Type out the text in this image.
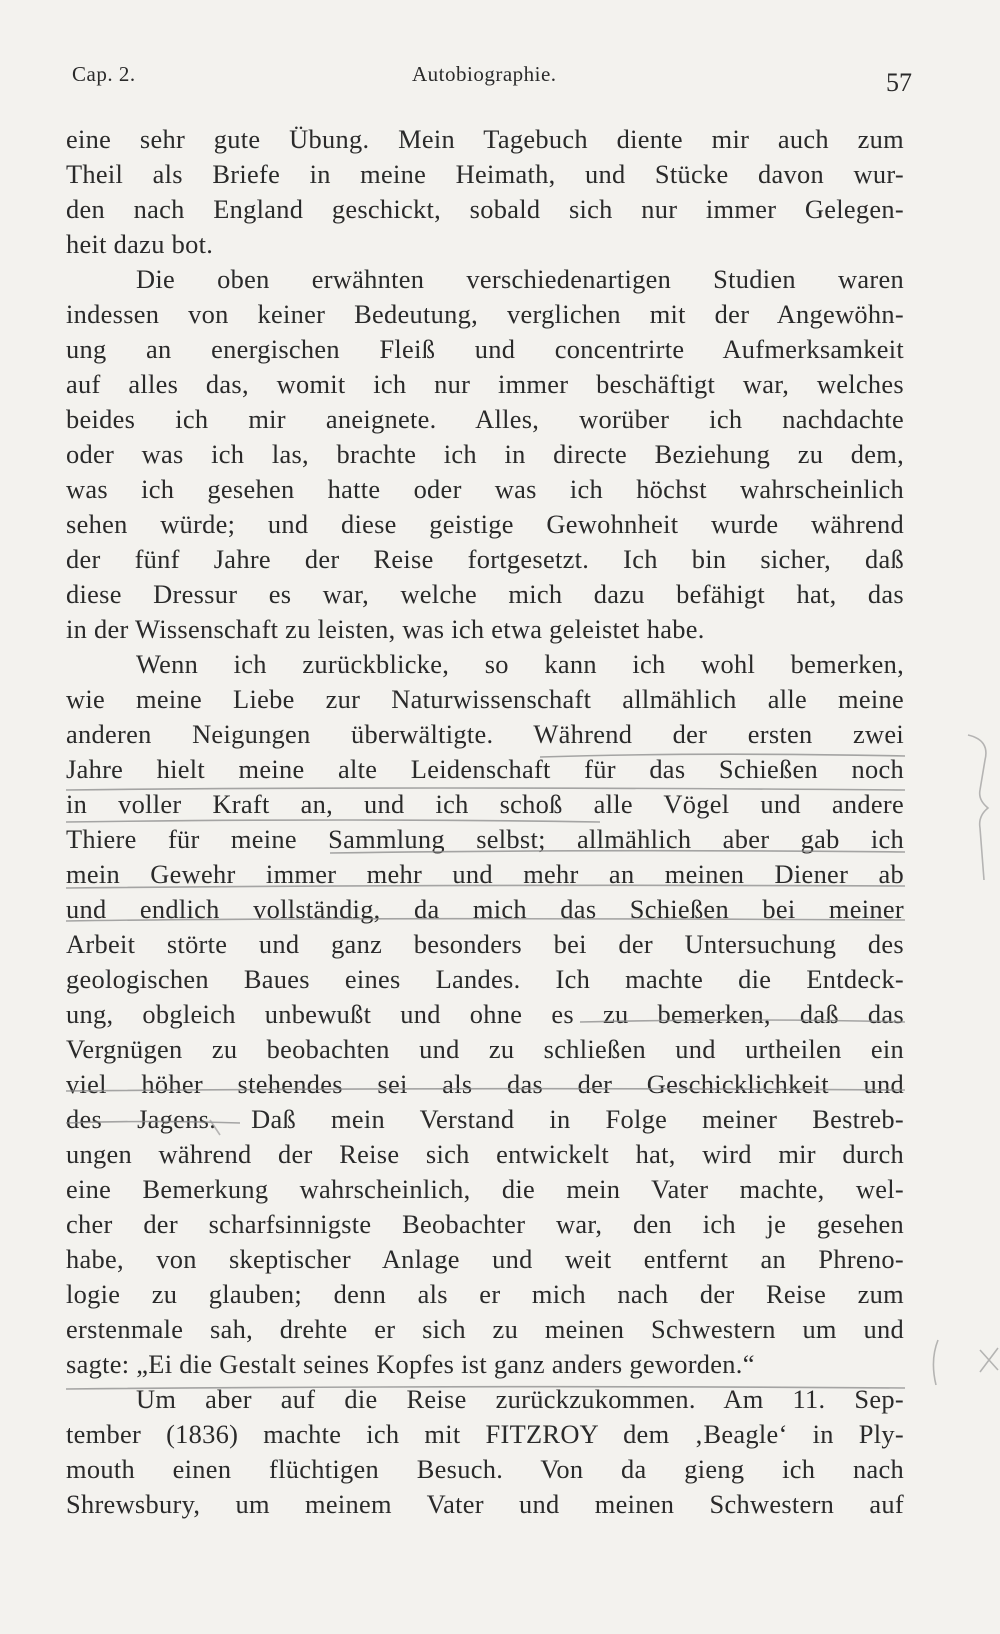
Cap. 2.	Autobiographie.	57
eine sehr gute Übung. Mein Tagebuch diente mir auch zum
Theil als Briefe in meine Heimath, und Stücke davon wur-
den nach England geschickt, sobald sich nur immer Gelegen-
heit dazu bot.
Die oben erwähnten verschiedenartigen Studien waren
indessen von keiner Bedeutung, verglichen mit der Angewöhn-
ung an energischen Fleiß und concentrirte Aufmerksamkeit
auf alles das, womit ich nur immer beschäftigt war, welches
beides ich mir aneignete. Alles, worüber ich nachdachte
oder was ich las, brachte ich in directe Beziehung zu dem,
was ich gesehen hatte oder was ich höchst wahrscheinlich
sehen würde; und diese geistige Gewohnheit wurde während
der fünf Jahre der Reise fortgesetzt. Ich bin sicher, daß
diese Dressur es war, welche mich dazu befähigt hat, das
in der Wissenschaft zu leisten, was ich etwa geleistet habe.
Wenn ich zurückblicke, so kann ich wohl bemerken,
wie meine Liebe zur Naturwissenschaft allmählich alle meine
anderen Neigungen überwältigte. Während der ersten zwei
Jahre hielt meine alte Leidenschaft für das Schießen noch
in voller Kraft an, und ich schoß alle Vögel und andere
Thiere für meine Sammlung selbst; allmählich aber gab ich
mein Gewehr immer mehr und mehr an meinen Diener ab
und endlich vollständig, da mich das Schießen bei meiner
Arbeit störte und ganz besonders bei der Untersuchung des
geologischen Baues eines Landes. Ich machte die Entdeck-
ung, obgleich unbewußt und ohne es zu bemerken, daß das
Vergnügen zu beobachten und zu schließen und urtheilen ein
viel höher stehendes sei als das der Geschicklichkeit und
des Jagens. Daß mein Verstand in Folge meiner Bestreb-
ungen während der Reise sich entwickelt hat, wird mir durch
eine Bemerkung wahrscheinlich, die mein Vater machte, wel-
cher der scharfsinnigste Beobachter war, den ich je gesehen
habe, von skeptischer Anlage und weit entfernt an Phreno-
logie zu glauben; denn als er mich nach der Reise zum
erstenmale sah, drehte er sich zu meinen Schwestern um und
sagte: „Ei die Gestalt seines Kopfes ist ganz anders geworden.“
Um aber auf die Reise zurückzukommen. Am 11. Sep-
tember (1836) machte ich mit FITZROY dem ‚Beagle‘ in Ply-
mouth einen flüchtigen Besuch. Von da gieng ich nach
Shrewsbury, um meinem Vater und meinen Schwestern auf
